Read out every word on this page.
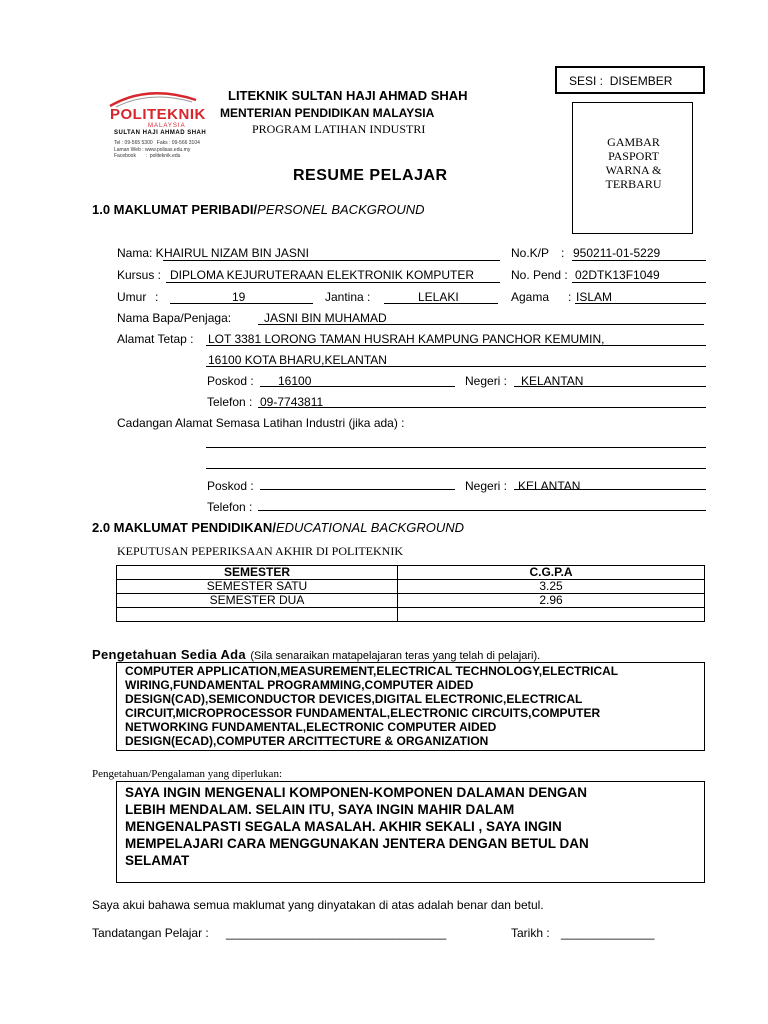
POLITEKNIK
MALAYSIA
SULTAN HAJI AHMAD SHAH
Tel : 09-565 5300   Faks : 09-566 3104
Laman Web : www.polisas.edu.my
Facebook       :  politeknik.edu
LITEKNIK SULTAN HAJI AHMAD SHAH
MENTERIAN PENDIDIKAN MALAYSIA
PROGRAM LATIHAN INDUSTRI
SESI : DISEMBER
GAMBAR
PASPORT
WARNA &
TERBARU
RESUME PELAJAR
1.0 MAKLUMAT PERIBADI/PERSONEL BACKGROUND
Nama: K HAIRUL NIZAM BIN JASNI	No.K/P : 950211-01-5229
Kursus : DIPLOMA KEJURUTERAAN ELEKTRONIK KOMPUTER	No. Pend : 02DTK13F1049
Umur :	19	Jantina :	LELAKI	Agama : ISLAM
Nama Bapa/Penjaga:	JASNI BIN MUHAMAD
Alamat Tetap : LOT 3381 LORONG TAMAN HUSRAH KAMPUNG PANCHOR KEMUMIN,
16100 KOTA BHARU,KELANTAN
Poskod : 16100	Negeri : KELANTAN
Telefon : 09-7743811
Cadangan Alamat Semasa Latihan Industri (jika ada) :
Poskod :	Negeri : KELANTAN
Telefon :
2.0 MAKLUMAT PENDIDIKAN/EDUCATIONAL BACKGROUND
KEPUTUSAN PEPERIKSAAN AKHIR DI POLITEKNIK
SEMESTER	C.G.P.A
SEMESTER SATU	3.25
SEMESTER DUA	2.96

Pengetahuan Sedia Ada (Sila senaraikan matapelajaran teras yang telah di pelajari).
COMPUTER APPLICATION,MEASUREMENT,ELECTRICAL TECHNOLOGY,ELECTRICAL
WIRING,FUNDAMENTAL PROGRAMMING,COMPUTER AIDED
DESIGN(CAD),SEMICONDUCTOR DEVICES,DIGITAL ELECTRONIC,ELECTRICAL
CIRCUIT,MICROPROCESSOR FUNDAMENTAL,ELECTRONIC CIRCUITS,COMPUTER
NETWORKING FUNDAMENTAL,ELECTRONIC COMPUTER AIDED
DESIGN(ECAD),COMPUTER ARCITTECTURE & ORGANIZATION
Pengetahuan/Pengalaman yang diperlukan:
SAYA INGIN MENGENALI KOMPONEN-KOMPONEN DALAMAN DENGAN
LEBIH MENDALAM. SELAIN ITU, SAYA INGIN MAHIR DALAM
MENGENALPASTI SEGALA MASALAH. AKHIR SEKALI , SAYA INGIN
MEMPELAJARI CARA MENGGUNAKAN JENTERA DENGAN BETUL DAN
SELAMAT
Saya akui bahawa semua maklumat yang dinyatakan di atas adalah benar dan betul.
Tandatangan Pelajar : _________________________________	Tarikh : ______________
